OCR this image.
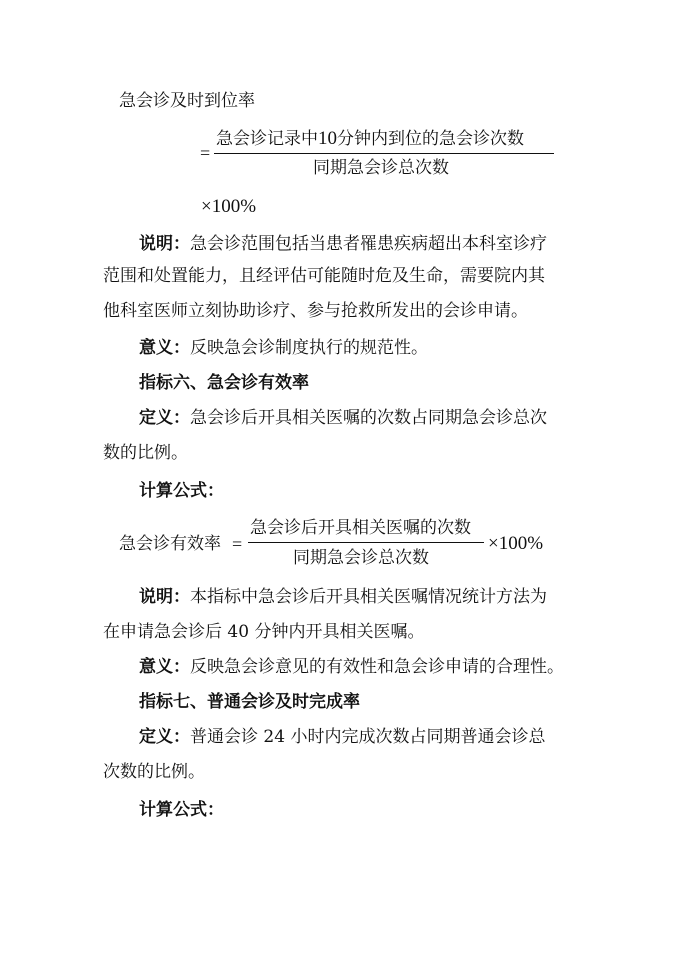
急会诊及时到位率
=
急会诊记录中10分钟内到位的急会诊次数
同期急会诊总次数
×100%
说明：急会诊范围包括当患者罹患疾病超出本科室诊疗
范围和处置能力，且经评估可能随时危及生命，需要院内其
他科室医师立刻协助诊疗、参与抢救所发出的会诊申请。
意义：反映急会诊制度执行的规范性。
指标六、急会诊有效率
定义：急会诊后开具相关医嘱的次数占同期急会诊总次
数的比例。
计算公式：
急会诊有效率 =
急会诊后开具相关医嘱的次数
同期急会诊总次数
×100%
说明：本指标中急会诊后开具相关医嘱情况统计方法为
在申请急会诊后 40 分钟内开具相关医嘱。
意义：反映急会诊意见的有效性和急会诊申请的合理性。
指标七、普通会诊及时完成率
定义：普通会诊 24 小时内完成次数占同期普通会诊总
次数的比例。
计算公式：
